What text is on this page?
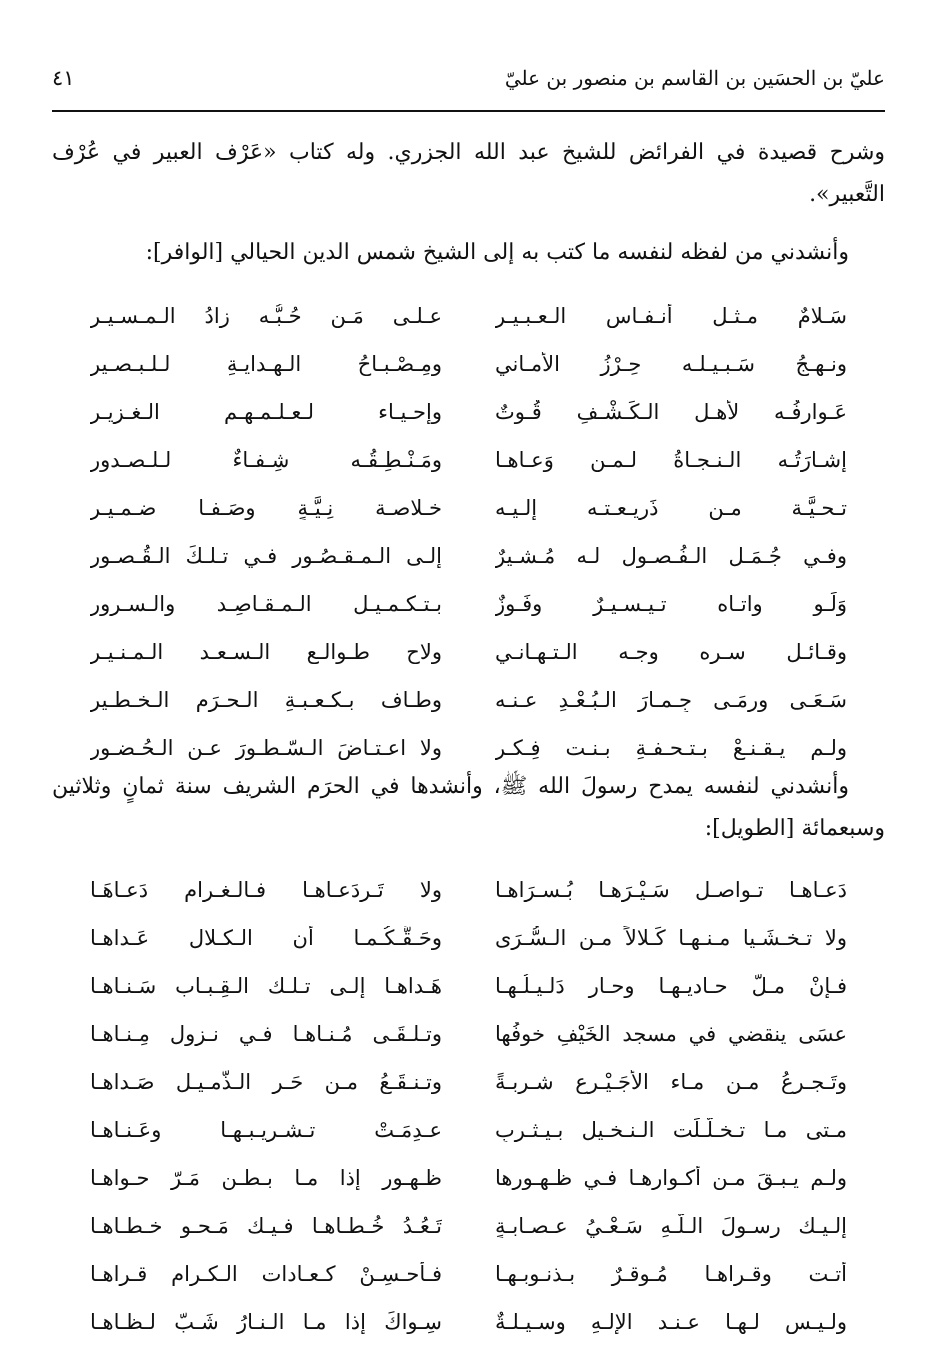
عليّ بن الحسَين بن القاسم بن منصور بن عليّ
٤١

وشرح قصيدة في الفرائض للشيخ عبد الله الجزري. وله كتاب «عَرْف العبير في عُرْف التَّعبير».

وأنشدني من لفظه لنفسه ما كتب به إلى الشيخ شمس الدين الحيالي [الوافر]:

سَـلامٌ مـثـل أنـفـاسِ الـعـبـيـرِ
عـلـى مَـن حُـبُّـه زادُ الـمـسـيـرِ
ونـهـجُ سَـبـيـلـه حِـرْزُ الأمـاني
ومِـصْـبـاحُ الـهِـدايـةِ لـلـبـصـير
عَـوارِفُـه لأهـل الـكَـشْـفِ قُـوتٌ
وإحـيـاء لـعـلـمـهـم الـغـزيـر
إشـارَتُـه الـنـجـاةُ لـمـن وَعـاهـا
ومَـنْـطِـقُـه شِـفـاءٌ لـلـصـدور
تـحـيَّـة مـن ذَريـعـتـه إلـيـه
خـلاصـة نِـيَّـةٍ وصَـفـا ضـمـيـر
وفـي جُـمَـل الـفُـصـولِ لـه مُـشـيرٌ
إلـى الـمـقـصُـور فـي تـلـكَ الـقُـصـور
وَلَـو واتـاه تـيـسـيـرٌ وفَـوزٌ
بـتـكـمـيـلِ الـمـقـاصِـد والـسـرور
وقـائـل سـره وجـه الـتـهـانـي
ولاح طـوالـع الـسـعـد الـمـنـيـر
سَـعَـى ورمَـى جِـمـارَ الـبُـعْـدِ عـنـه
وطـاف بـكـعـبـةِ الـحـرَمِ الـخـطـير
ولـم يـقـنـعْ بـتـحـفـةِ بـنـت فِـكـرٍ
ولا اعـتـاضَ الـسّـطـورَ عـن الـحُـضـور

وأنشدني لنفسه يمدح رسولَ الله ﷺ، وأنشدها في الحرَم الشريف سنة ثمانٍ وثلاثين وسبعمائة [الطويل]:

دَعـاهـا تـواصـل سَـيْـرَهـا بُـسـرَاهـا
ولا تَـردَعـاهـا فـالـغـرام دَعـاهَـا
ولا تـخـشَـيا مـنـهـا كَـلالاً مـن الـسُّـرَى
وحَـقُّـكُـمـا أن الـكـلال عَـداهـا
فـإنْ مـلَّ حـاديـهـا وحـار دَلـيـلُـهـا
هَـداهـا إلـى تـلـك الـقِـبـاب سَـنـاهـا
عسَى ينقضي في مسجد الخَيْفِ خوفُها
وتـلـقَـى مُـنـاهـا فـي نـزول مِـنـاهـا
وتَـجـرعُ مـن مـاء الأُجَـيْـرِع شـربـةً
وتـنـقَـعُ مـن حَـرِ الـذُّمـيـلِ صَـداهـا
مـتى مـا تـخـلَّـلَت الـنـخـيل بـيـثـربٍ
عـدِمَـتْ تـشـريـبـهـا وعَـنـاهـا
ولـم يـبـقَ مـن أكـوارهـا فـي ظـهـورها
ظـهـور إذا مـا بـطـن مَـرّ حـواهـا
إلـيـك رسـولَ الـلّـهِ سَـعْـيُ عـصـابـةٍ
تَـعُـدُ خُـطـاهـا فـيـك مَـحـو خـطـاهـا
أتـت وقـراهـا مُـوقـرٌ بـذنـوبـهـا
فـأحـسِـنْ كـعـادات الـكـرام قـراهـا
ولـيـس لـهـا عـنـد الإلـهِ وسـيـلـةٌ
سِـواكَ إذا مـا الـنـارُ شَـبّ لـظـاهـا
